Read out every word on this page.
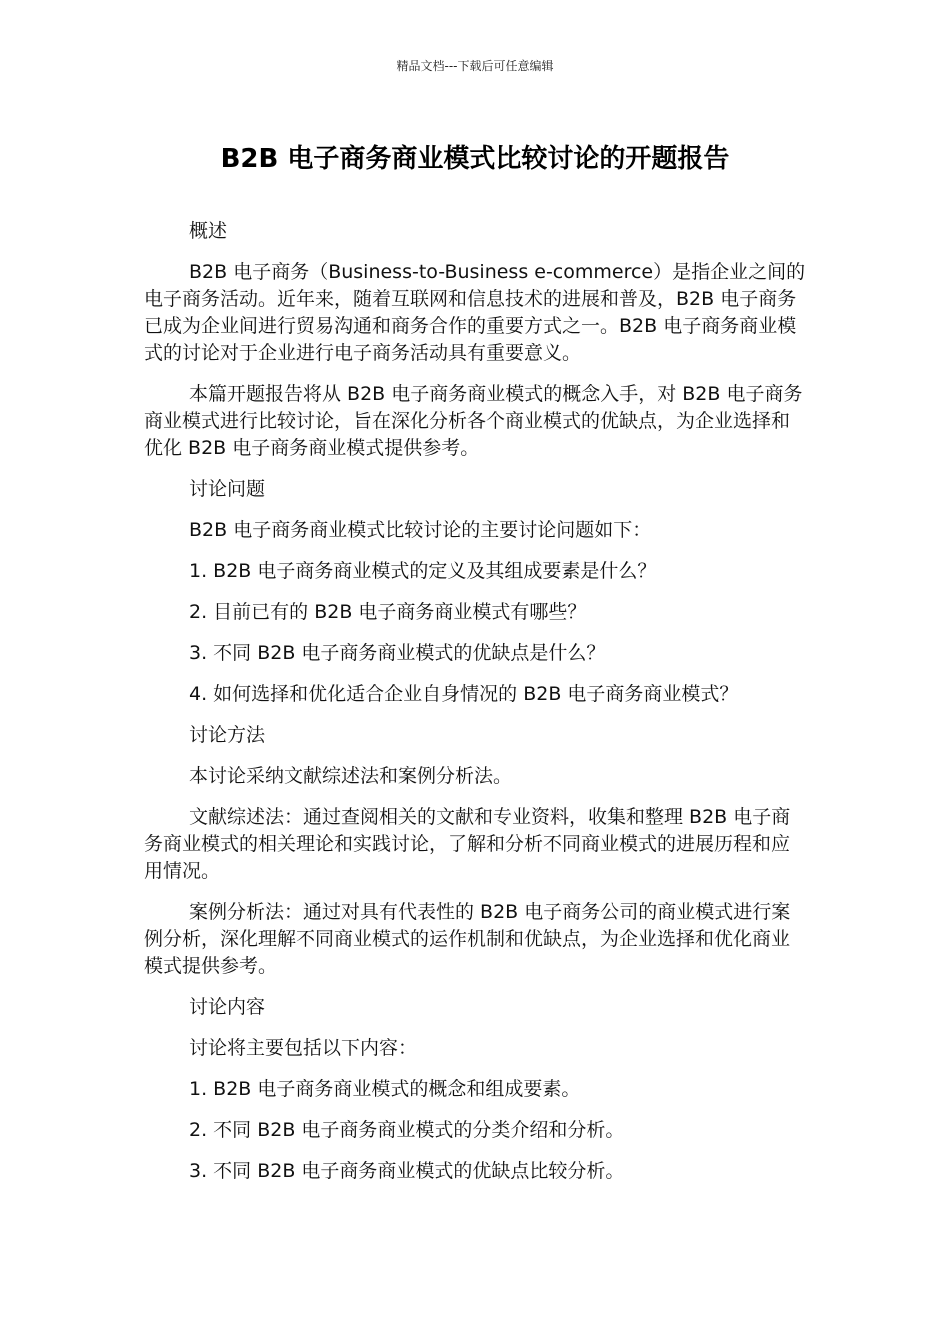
精品文档---下载后可任意编辑
B2B 电子商务商业模式比较讨论的开题报告

概述

B2B 电子商务（Business-to-Business e-commerce）是指企业之间的电子商务活动。近年来，随着互联网和信息技术的进展和普及，B2B 电子商务已成为企业间进行贸易沟通和商务合作的重要方式之一。B2B 电子商务商业模式的讨论对于企业进行电子商务活动具有重要意义。

本篇开题报告将从 B2B 电子商务商业模式的概念入手，对 B2B 电子商务商业模式进行比较讨论，旨在深化分析各个商业模式的优缺点，为企业选择和优化 B2B 电子商务商业模式提供参考。

讨论问题

B2B 电子商务商业模式比较讨论的主要讨论问题如下：

1. B2B 电子商务商业模式的定义及其组成要素是什么？

2. 目前已有的 B2B 电子商务商业模式有哪些？

3. 不同 B2B 电子商务商业模式的优缺点是什么？

4. 如何选择和优化适合企业自身情况的 B2B 电子商务商业模式？

讨论方法

本讨论采纳文献综述法和案例分析法。

文献综述法：通过查阅相关的文献和专业资料，收集和整理 B2B 电子商务商业模式的相关理论和实践讨论，了解和分析不同商业模式的进展历程和应用情况。

案例分析法：通过对具有代表性的 B2B 电子商务公司的商业模式进行案例分析，深化理解不同商业模式的运作机制和优缺点，为企业选择和优化商业模式提供参考。

讨论内容

讨论将主要包括以下内容：

1. B2B 电子商务商业模式的概念和组成要素。

2. 不同 B2B 电子商务商业模式的分类介绍和分析。

3. 不同 B2B 电子商务商业模式的优缺点比较分析。
